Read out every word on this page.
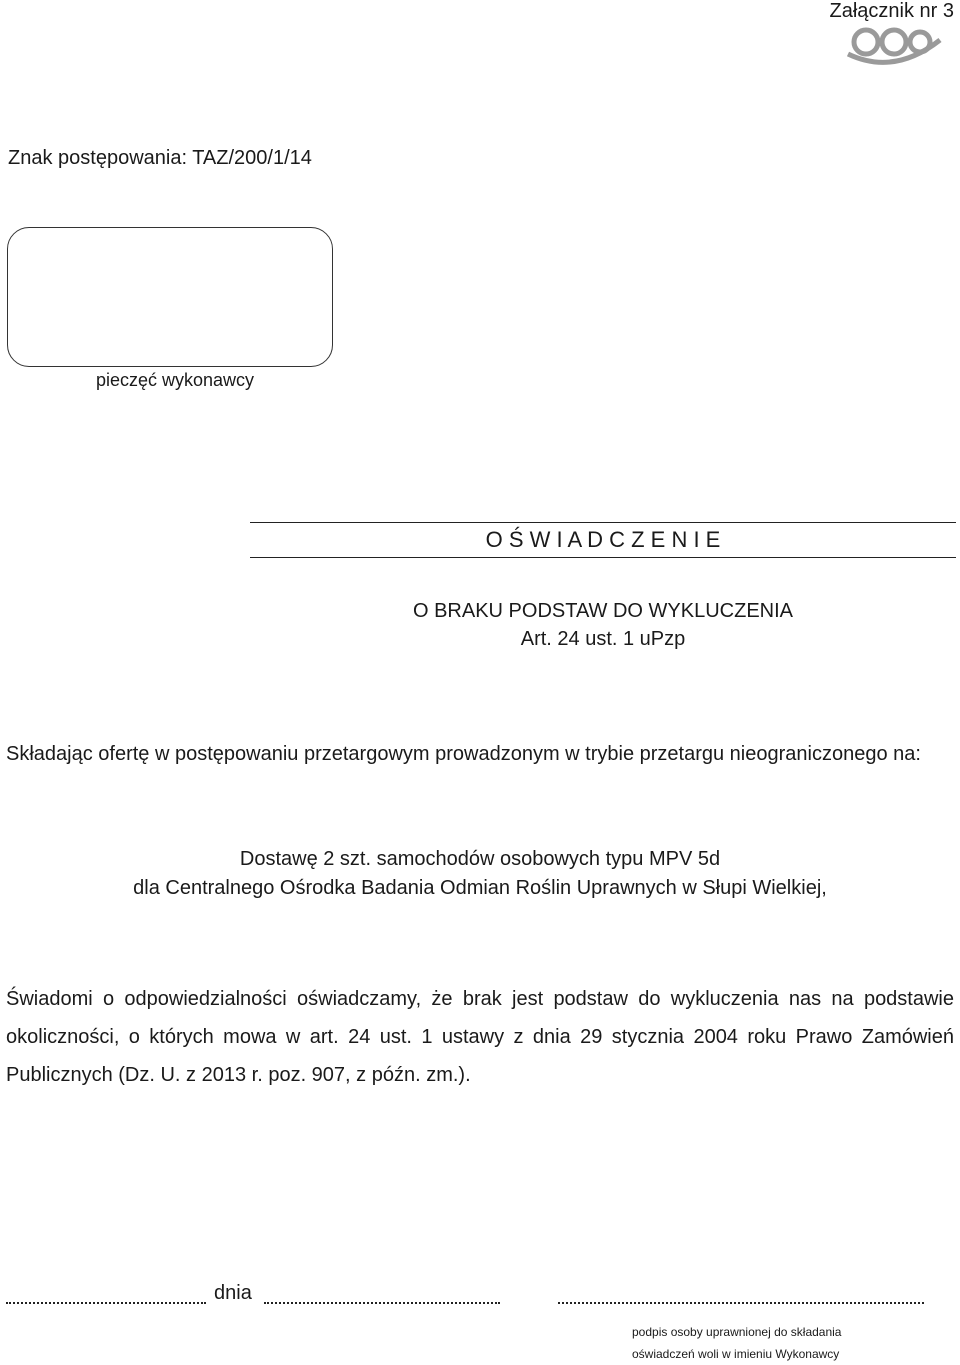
Załącznik nr 3
Znak postępowania: TAZ/200/1/14
pieczęć wykonawcy
O Ś W I A D C Z E N I E
O BRAKU PODSTAW DO WYKLUCZENIA
Art. 24 ust. 1 uPzp
Składając ofertę w postępowaniu przetargowym prowadzonym w trybie przetargu nieograniczonego na:
Dostawę 2 szt. samochodów osobowych typu MPV 5d
dla Centralnego Ośrodka Badania Odmian Roślin Uprawnych w Słupi Wielkiej,
Świadomi o odpowiedzialności oświadczamy, że brak jest podstaw do wykluczenia nas na podstawie okoliczności, o których mowa w art. 24 ust. 1 ustawy z dnia 29 stycznia 2004 roku Prawo Zamówień Publicznych (Dz. U. z 2013 r. poz. 907, z późn. zm.).
dnia
podpis osoby uprawnionej do składania
oświadczeń woli w imieniu Wykonawcy
